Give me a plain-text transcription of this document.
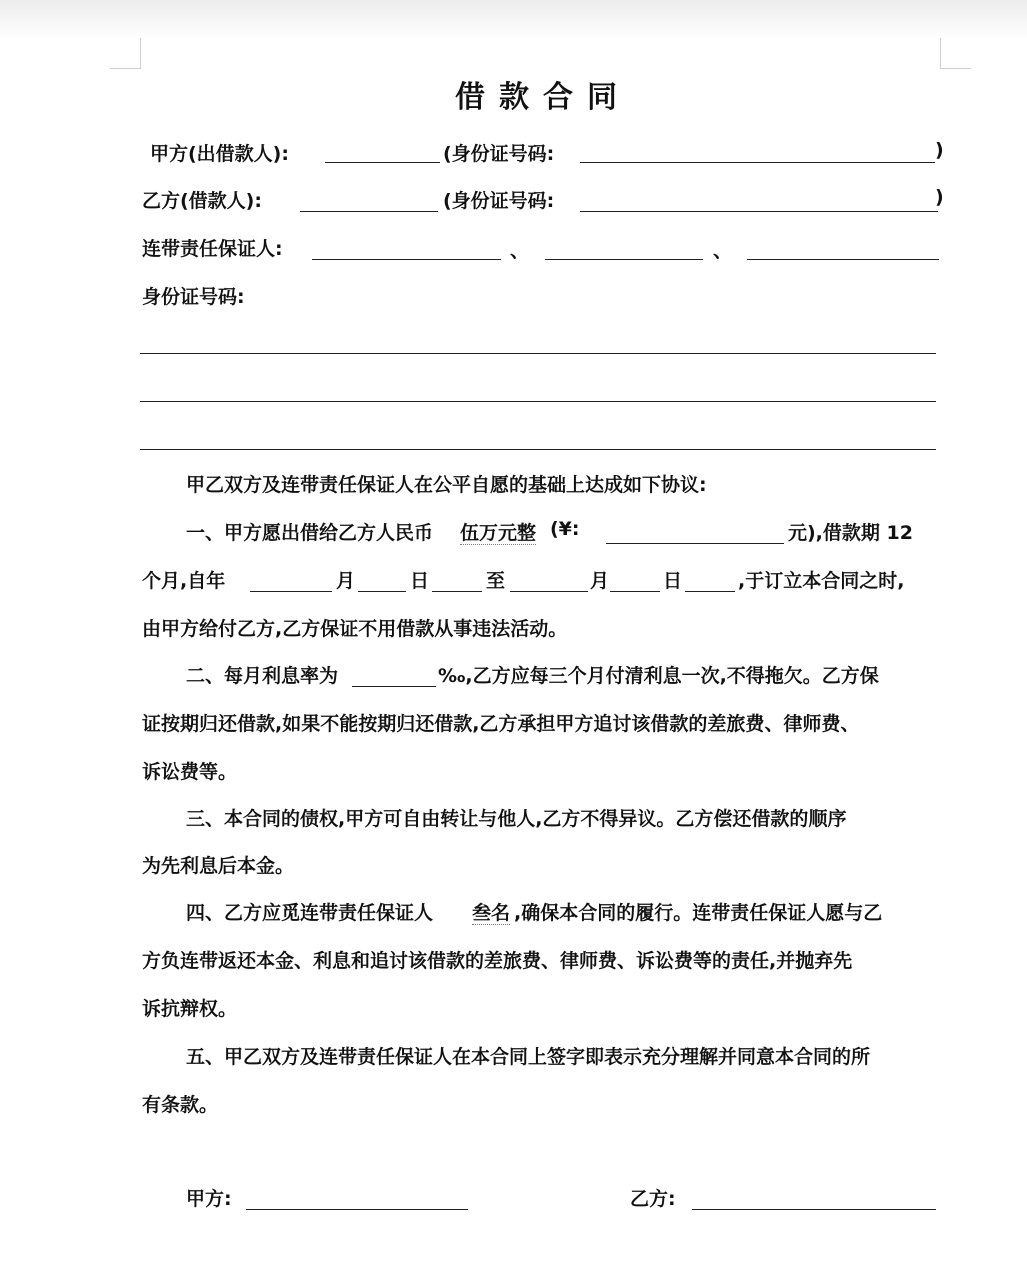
借款合同
甲方(出借款人):	(身份证号码:	)
乙方(借款人):	(身份证号码:	)
连带责任保证人:	、	、
身份证号码:
甲乙双方及连带责任保证人在公平自愿的基础上达成如下协议:
一、甲方愿出借给乙方人民币 伍万元整 (¥:	元),借款期 12
个月,自年	月	日	至	月	日	,于订立本合同之时,
由甲方给付乙方,乙方保证不用借款从事违法活动。
二、每月利息率为	‰,乙方应每三个月付清利息一次,不得拖欠。乙方保
证按期归还借款,如果不能按期归还借款,乙方承担甲方追讨该借款的差旅费、律师费、
诉讼费等。
三、本合同的债权,甲方可自由转让与他人,乙方不得异议。乙方偿还借款的顺序
为先利息后本金。
四、乙方应觅连带责任保证人 叁名 ,确保本合同的履行。连带责任保证人愿与乙
方负连带返还本金、利息和追讨该借款的差旅费、律师费、诉讼费等的责任,并抛弃先
诉抗辩权。
五、甲乙双方及连带责任保证人在本合同上签字即表示充分理解并同意本合同的所
有条款。
甲方:	乙方:
